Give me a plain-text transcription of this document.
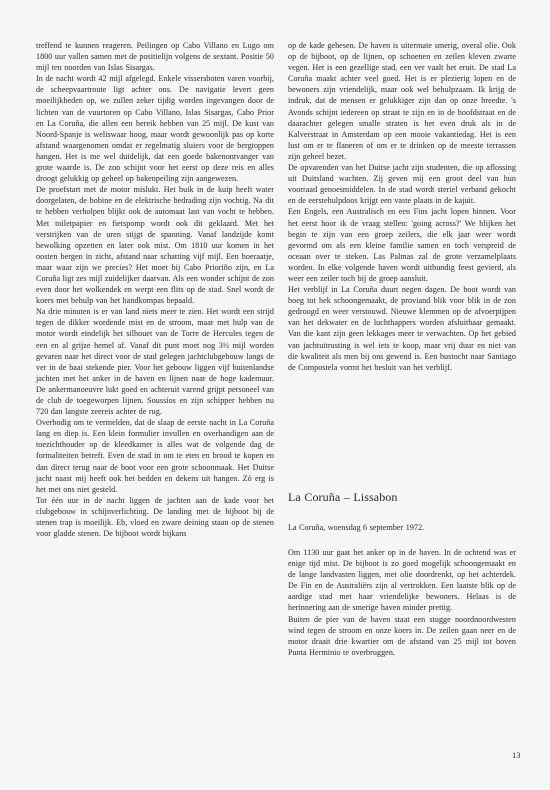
treffend te kunnen reageren. Peilingen op Cabo Villano en Lugo om 1800 uur vallen samen met de positielijn volgens de sextant. Positie 50 mijl ten noorden van Islas Sisargas.

In de nacht wordt 42 mijl afgelegd. Enkele vissersboten varen voorbij, de scheepvaartroute ligt achter ons. De navigatie levert geen moeilijkheden op, we zullen zeker tijdig worden ingevangen door de lichten van de vuurtoren op Cabo Villano, Islas Sisargas, Cabo Prior en La Coruña, die allen een bereik hebben van 25 mijl. De kust van Noord-Spanje is weliswaar hoog, maar wordt gewoonlijk pas op korte afstand waargenomen omdat er regelmatig sluiers voor de bergtoppen hangen. Het is me wel duidelijk, dat een goede bakenontvanger van grote waarde is. De zon schijnt voor het eerst op deze reis en alles droogt gelukkig op geheel op bakenpeiling zijn aangewezen.

De proefstart met de motor mislukt. Het buik in de kuip heeft water doorgelaten, de bobine en de elektrische bedrading zijn vochtig. Na dit te hebben verholpen blijkt ook de automaat last van vocht te hebben. Met toiletpapier en fietspomp wordt ook dit geklaard. Met het verstrijken van de uren stijgt de spanning. Vanaf landzijde komt bewolking opzetten en later ook mist. Om 1810 uur komen in het oosten bergen in zicht, afstand naar schatting vijf mijl. Een hoeraatje, maar waar zijn we precies? Het moet bij Cabo Prioriño zijn, en La Coruña ligt zes mijl zuidelijker daarvan. Als een wonder schijnt de zon even door het wolkendek en werpt een flits op de stad. Snel wordt de koers met behulp van het handkompas bepaald.

Na drie minuten is er van land niets meer te zien. Het wordt een strijd tegen de dikker wordende mist en de stroom, maar met hulp van de motor wordt eindelijk het silhouet van de Torre de Hercules tegen de een en al grijze hemel af. Vanaf dit punt moet nog 3½ mijl worden gevaren naar het direct voor de stad gelegen jachtclubgebouw langs de ver in de baai stekende pier. Voor het gebouw liggen vijf buitenlandse jachten met het anker in de haven en lijnen naar de hoge kademuur. De ankermanoeuvre lukt goed en achteruit varend grijpt personeel van de club de toegeworpen lijnen. Soussios en zijn schipper hebben nu 720 dan langste zeereis achter de rug.

Overbodig om te vermelden, dat de slaap de eerste nacht in La Coruña lang en diep is. Een klein formulier invullen en overhandigen aan de toezichthouder op de kleedkamer is alles wat de volgende dag de formaliteiten betreft. Even de stad in om te eten en brood te kopen en dan direct terug naar de boot voor een grote schoonmaak. Het Duitse jacht naast mij heeft ook het bedden en dekens uit hangen. Zó erg is het met ons niet gesteld.

Tot één uur in de nacht liggen de jachten aan de kade voor het clubgebouw in schijnverlichting. De landing met de bijboot bij de stenen trap is moeilijk. Eb, vloed en zware deining staan op de stenen voor gladde stenen. De bijboot wordt bijkans

op de kade gehesen. De haven is uitermate smerig, overal olie. Ook op de bijboot, op de lijnen, op schoenen en zeilen kleven zwarte vegen. Het is een gezellige stad, een ver vaalt het eruit. De stad La Coruña maakt achter veel goed. Het is er plezierig lopen en de bewoners zijn vriendelijk, maar ook wel behulpzaam. Ik krijg de indruk, dat de mensen er gelukkiger zijn dan op onze breedte. 's Avonds schijnt iedereen op straat te zijn en in de hoofdstraat en de daarachter gelegen smalle straten is het even druk als in de Kalverstraat in Amsterdam op een mooie vakantiedag. Het is een lust om er te flaneren of om er te drinken op de meeste terrassen zijn geheel bezet.

De opvarenden van het Duitse jacht zijn studenten, die op aflossing uit Duitsland wachten. Zij geven mij een groot deel van hun voorraad genoesmiddelen. In de stad wordt steriel verband gekocht en de eerstehulpdoos krijgt een vaste plaats in de kajuit.

Een Engels, een Australisch en een Fins jacht lopen binnen. Voor het eerst hoor ik de vraag stellen: 'going across?' We blijken het begin te zijn van een groep zeilers, die elk jaar weer wordt gevormd om als een kleine familie samen en toch verspreid de oceaan over te steken. Las Palmas zal de grote verzamelplaats worden. In elke volgende haven wordt uitbundig feest gevierd, als weer een zeiler toch bij de groep aansluit.

Het verblijf in La Coruña duurt negen dagen. De boot wordt van boeg tot hek schoongemaakt, de proviand blik voor blik in de zon gedroogd en weer verstouwd. Nieuwe klemmen op de afvoerpijpen van het dekwater en de luchthappers worden afsluitbaar gemaakt. Van die kant zijn geen lekkages meer te verwachten. Op het gebied van jachtuitrusting is wel iets te koop, maar vrij duur en niet van die kwaliteit als men bij ons gewend is. Een bustocht naar Santiago de Compostela vormt het besluit van het verblijf.

La Coruña – Lissabon
La Coruña, woensdag 6 september 1972.

Om 1130 uur gaat het anker op in de haven. In de ochtend was er enige tijd mist. De bijboot is zo goed mogelijk schoongemaakt en de lange landvasten liggen, met olie doordrenkt, op het achterdek. De Fin en de Australiërs zijn al vertrokken. Een laatste blik op de aardige stad met haar vriendelijke bewoners. Helaas is de herinnering aan de smerige haven minder prettig.

Buiten de pier van de haven staat een stugge noordnoordwesten wind tegen de stroom en onze koers in. De zeilen gaan neer en de motor draait drie kwartier om de afstand van 25 mijl tot boven Punta Herminio te overbruggen.

13
